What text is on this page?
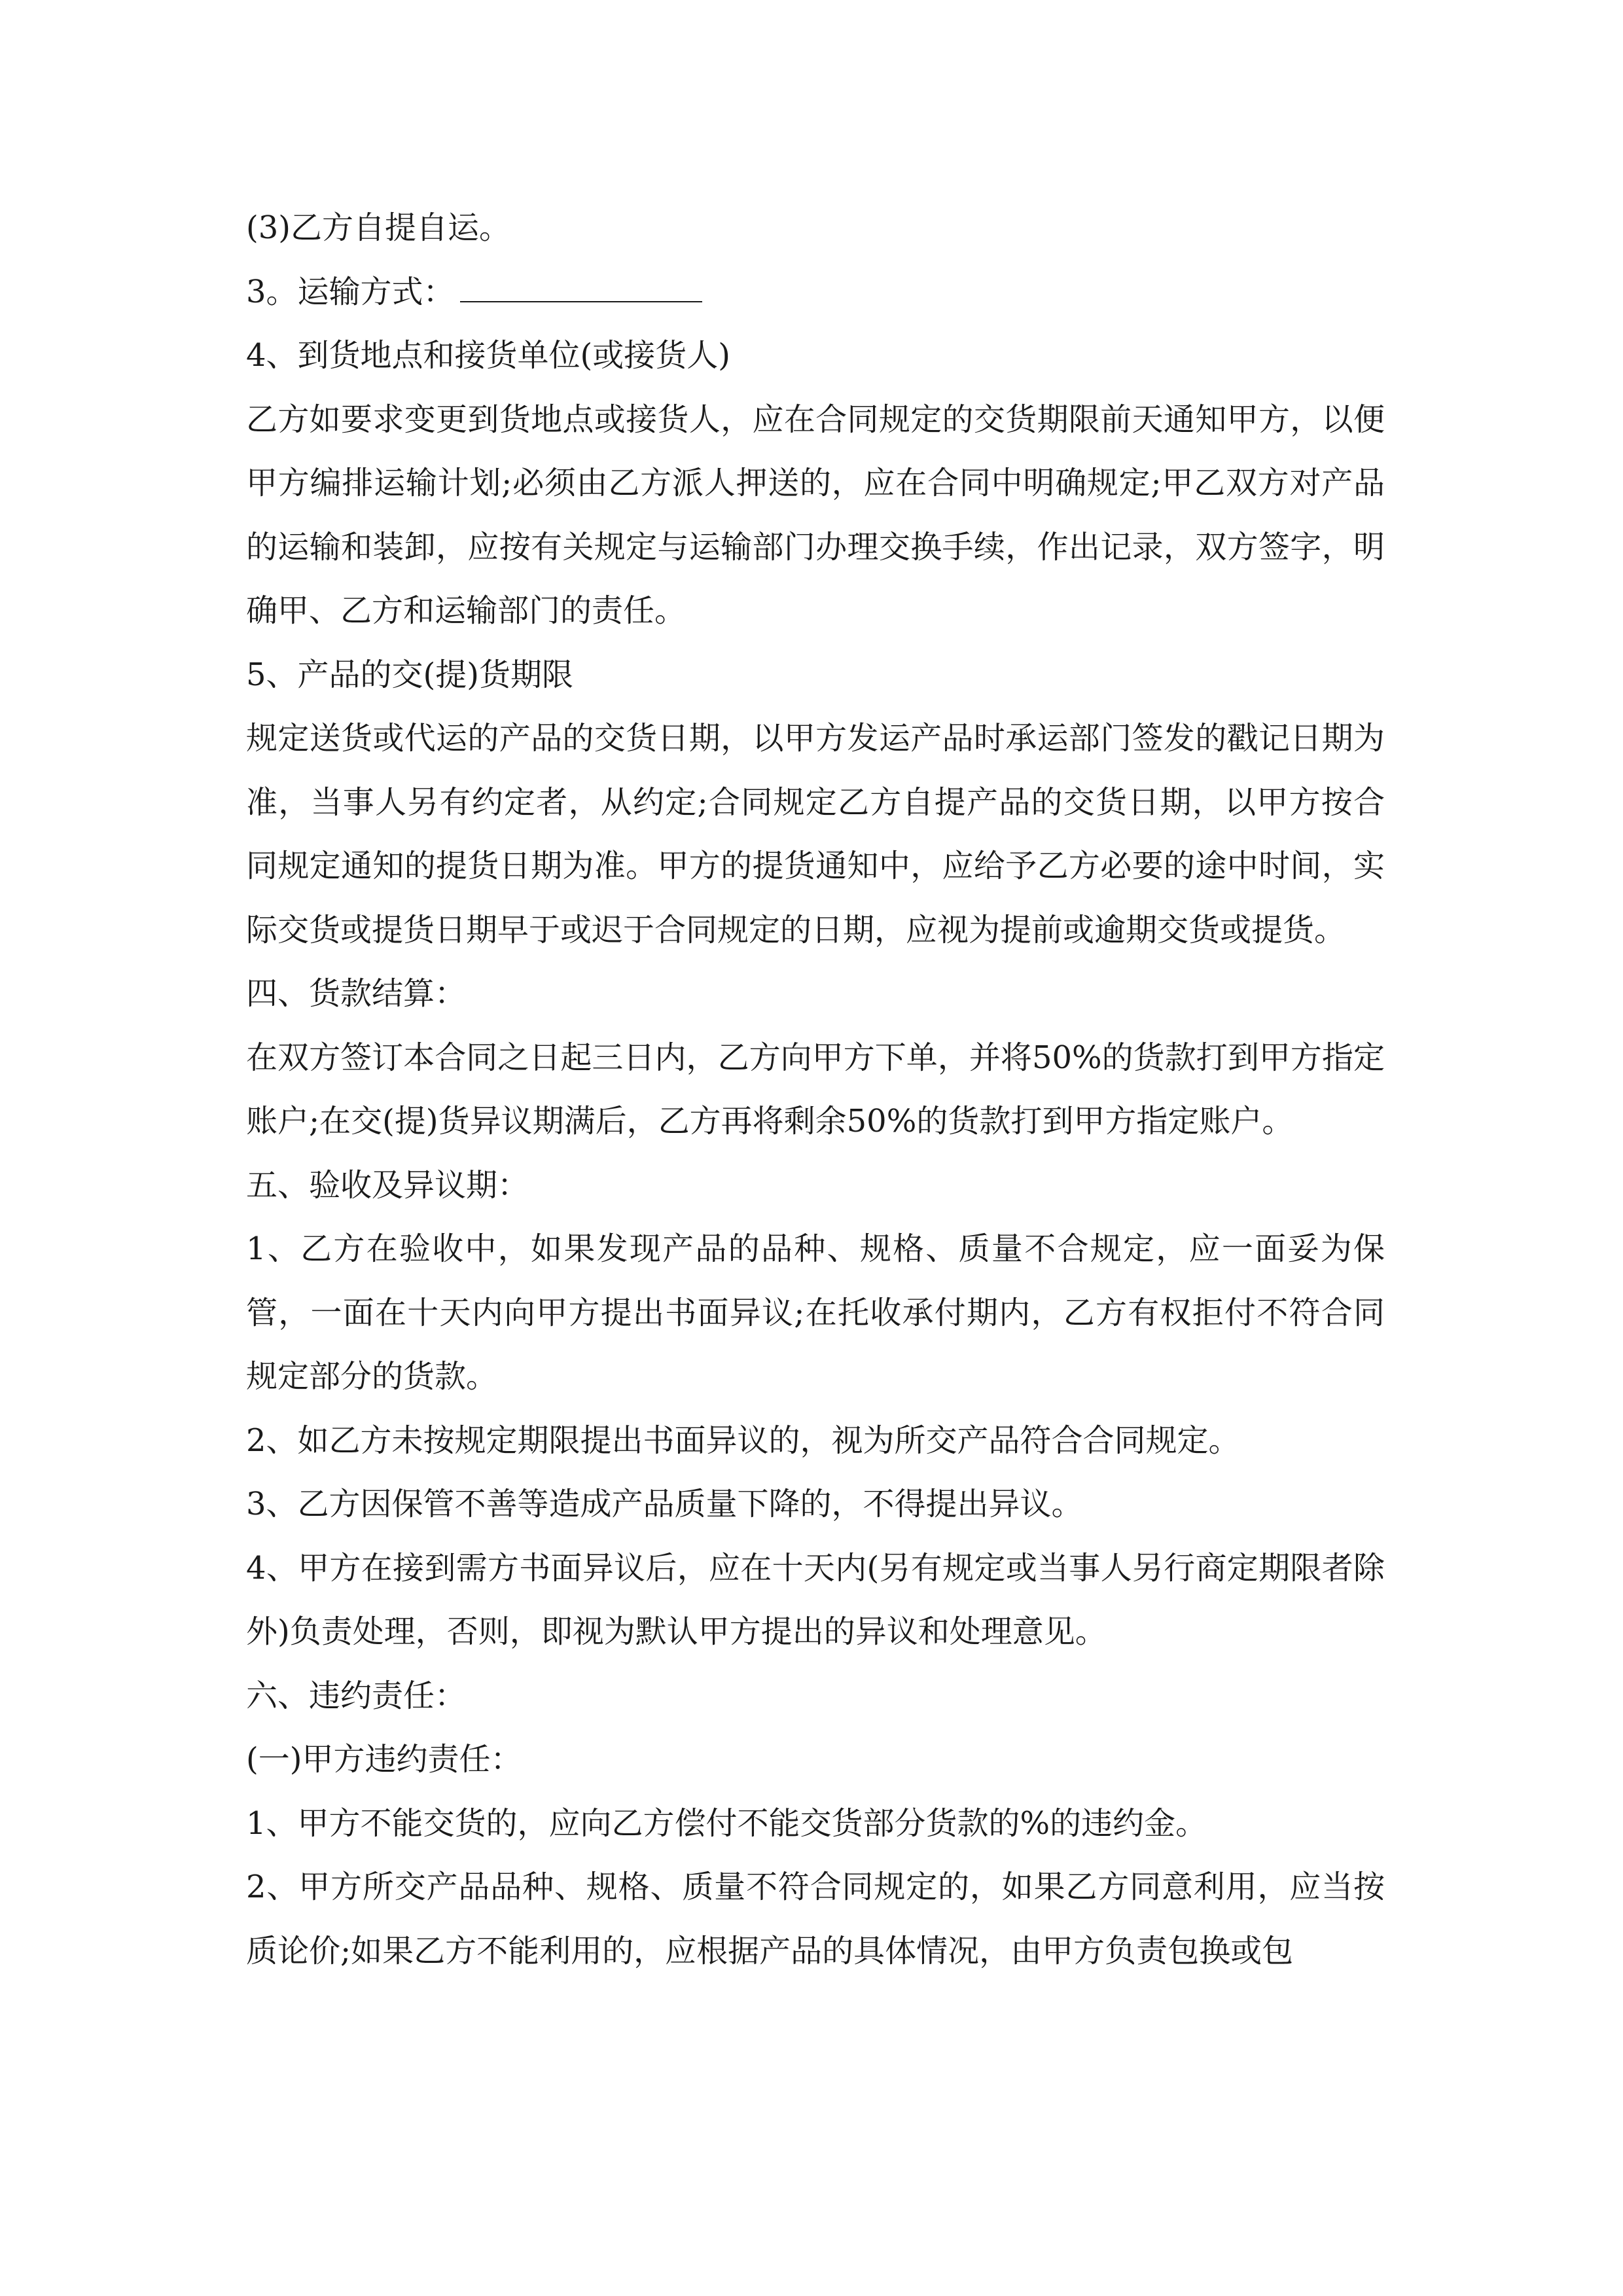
(3)乙方自提自运。

3。运输方式：

4、到货地点和接货单位(或接货人)

乙方如要求变更到货地点或接货人，应在合同规定的交货期限前天通知甲方，以便甲方编排运输计划;必须由乙方派人押送的，应在合同中明确规定;甲乙双方对产品的运输和装卸，应按有关规定与运输部门办理交换手续，作出记录，双方签字，明确甲、乙方和运输部门的责任。

5、产品的交(提)货期限

规定送货或代运的产品的交货日期，以甲方发运产品时承运部门签发的戳记日期为准，当事人另有约定者，从约定;合同规定乙方自提产品的交货日期，以甲方按合同规定通知的提货日期为准。甲方的提货通知中，应给予乙方必要的途中时间，实际交货或提货日期早于或迟于合同规定的日期，应视为提前或逾期交货或提货。

四、货款结算：

在双方签订本合同之日起三日内，乙方向甲方下单，并将50%的货款打到甲方指定账户;在交(提)货异议期满后，乙方再将剩余50%的货款打到甲方指定账户。

五、验收及异议期：

1、乙方在验收中，如果发现产品的品种、规格、质量不合规定，应一面妥为保管，一面在十天内向甲方提出书面异议;在托收承付期内，乙方有权拒付不符合同规定部分的货款。

2、如乙方未按规定期限提出书面异议的，视为所交产品符合合同规定。

3、乙方因保管不善等造成产品质量下降的，不得提出异议。

4、甲方在接到需方书面异议后，应在十天内(另有规定或当事人另行商定期限者除外)负责处理，否则，即视为默认甲方提出的异议和处理意见。

六、违约责任：

(一)甲方违约责任：

1、甲方不能交货的，应向乙方偿付不能交货部分货款的%的违约金。

2、甲方所交产品品种、规格、质量不符合同规定的，如果乙方同意利用，应当按质论价;如果乙方不能利用的，应根据产品的具体情况，由甲方负责包换或包
